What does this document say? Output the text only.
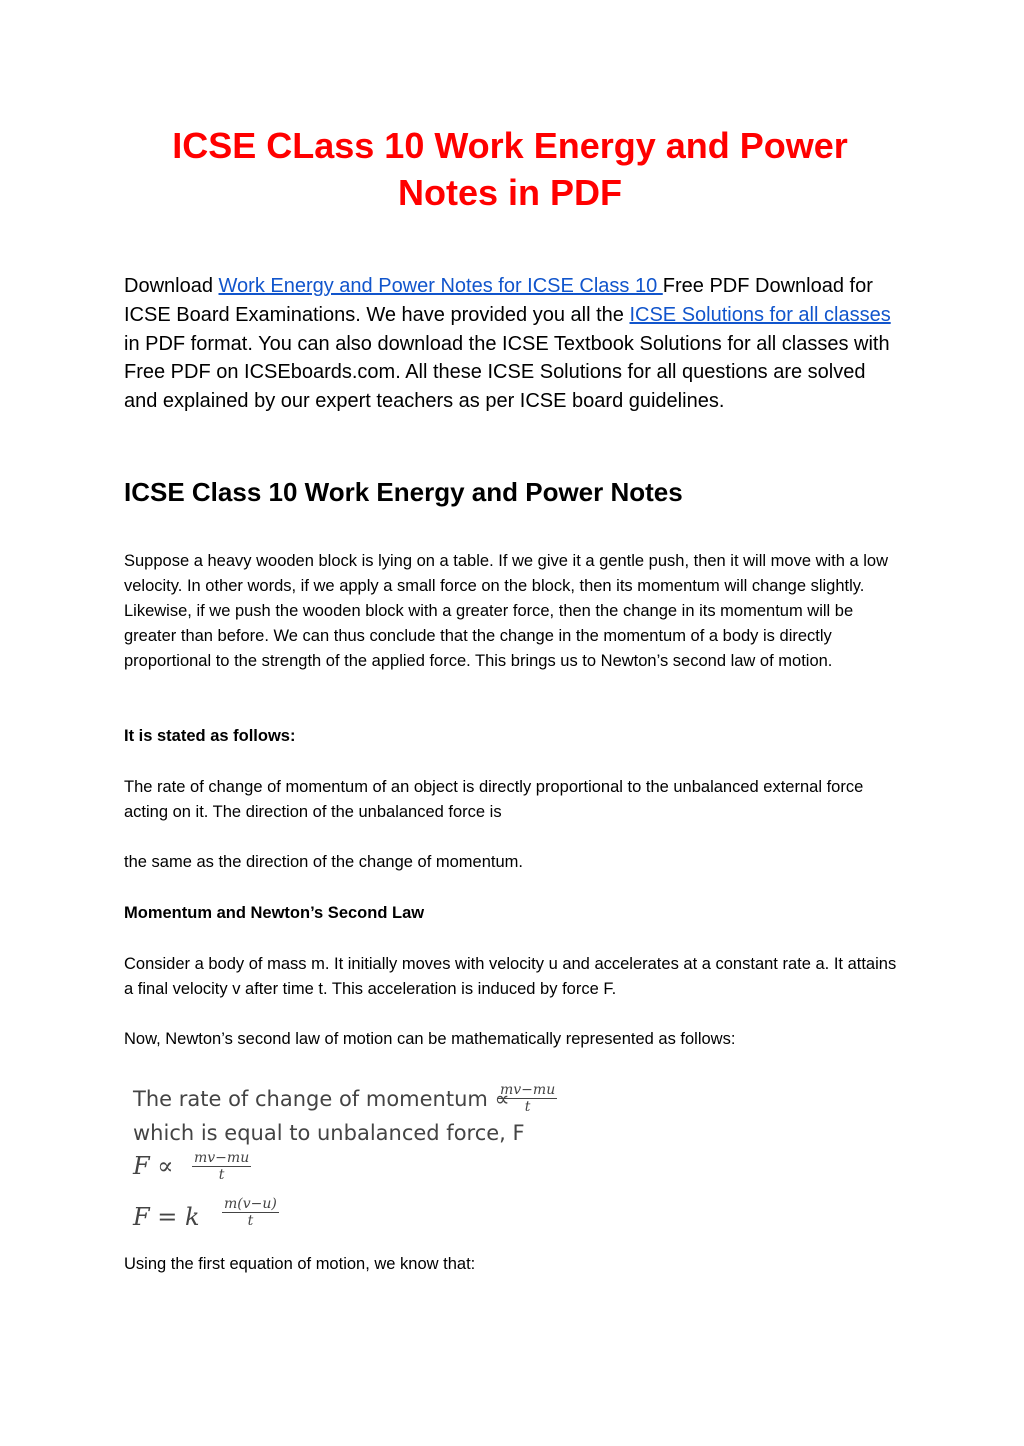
ICSE CLass 10 Work Energy and Power
Notes in PDF

Download Work Energy and Power Notes for ICSE Class 10 Free PDF Download for ICSE Board Examinations. We have provided you all the ICSE Solutions for all classes in PDF format. You can also download the ICSE Textbook Solutions for all classes with Free PDF on ICSEboards.com. All these ICSE Solutions for all questions are solved and explained by our expert teachers as per ICSE board guidelines.

ICSE Class 10 Work Energy and Power Notes

Suppose a heavy wooden block is lying on a table. If we give it a gentle push, then it will move with a low velocity. In other words, if we apply a small force on the block, then its momentum will change slightly. Likewise, if we push the wooden block with a greater force, then the change in its momentum will be greater than before. We can thus conclude that the change in the momentum of a body is directly proportional to the strength of the applied force. This brings us to Newton’s second law of motion.

It is stated as follows:

The rate of change of momentum of an object is directly proportional to the unbalanced external force acting on it. The direction of the unbalanced force is

the same as the direction of the change of momentum.

Momentum and Newton’s Second Law

Consider a body of mass m. It initially moves with velocity u and accelerates at a constant rate a. It attains a final velocity v after time t. This acceleration is induced by force F.

Now, Newton’s second law of motion can be mathematically represented as follows:

The rate of change of momentum ∝
$\frac{mv-mu}{t}$
which is equal to unbalanced force, F
$F \propto \frac{mv-mu}{t}$
F = k $\frac{m(v-u)}{t}$

Using the first equation of motion, we know that:
